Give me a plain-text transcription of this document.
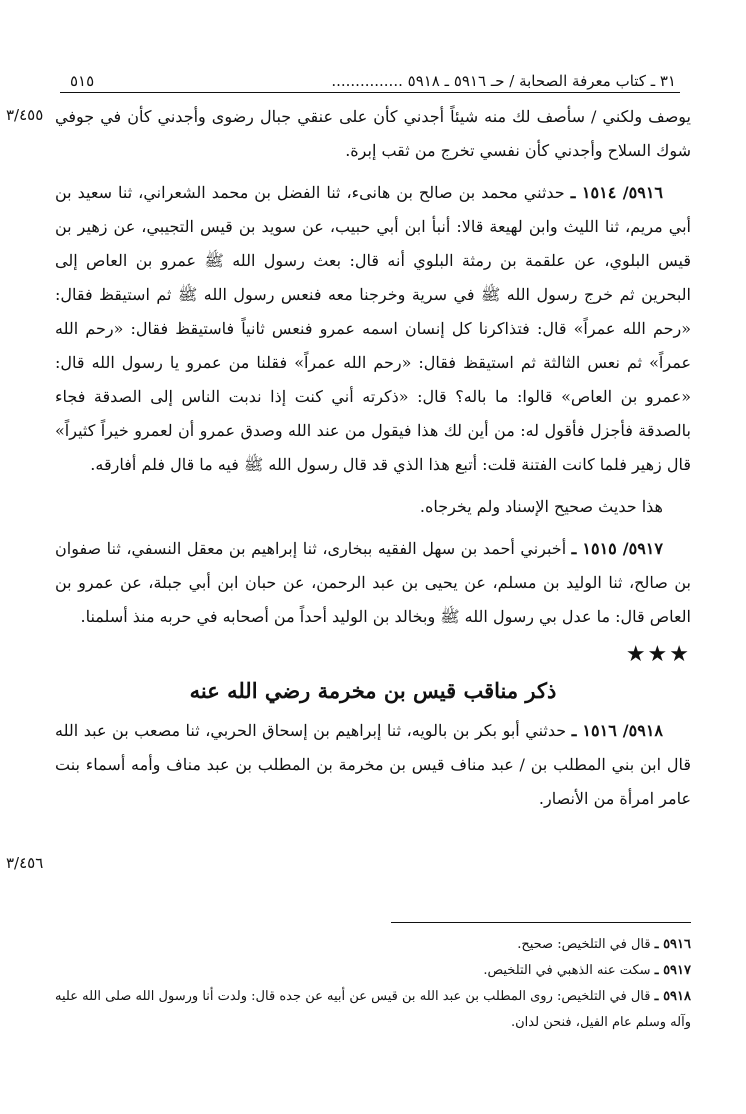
٣١ ـ كتاب معرفة الصحابة / حـ ٥٩١٦ ـ ٥٩١٨ ...............
٥١٥
٣/٤٥٥
٣/٤٥٦

يوصف ولكني / سأصف لك منه شيئاً أجدني كأن على عنقي جبال رضوى وأجدني كأن في جوفي شوك السلاح وأجدني كأن نفسي تخرج من ثقب إبرة.

٥٩١٦/ ١٥١٤ ـ حدثني محمد بن صالح بن هانىء، ثنا الفضل بن محمد الشعراني، ثنا سعيد بن أبي مريم، ثنا الليث وابن لهيعة قالا: أنبأ ابن أبي حبيب، عن سويد بن قيس التجيبي، عن زهير بن قيس البلوي، عن علقمة بن رمثة البلوي أنه قال: بعث رسول الله ﷺ عمرو بن العاص إلى البحرين ثم خرج رسول الله ﷺ في سرية وخرجنا معه فنعس رسول الله ﷺ ثم استيقظ فقال: «رحم الله عمراً» قال: فتذاكرنا كل إنسان اسمه عمرو فنعس ثانياً فاستيقظ فقال: «رحم الله عمراً» ثم نعس الثالثة ثم استيقظ فقال: «رحم الله عمراً» فقلنا من عمرو يا رسول الله قال: «عمرو بن العاص» قالوا: ما باله؟ قال: «ذكرته أني كنت إذا ندبت الناس إلى الصدقة فجاء بالصدقة فأجزل فأقول له: من أين لك هذا فيقول من عند الله وصدق عمرو أن لعمرو خيراً كثيراً» قال زهير فلما كانت الفتنة قلت: أتبع هذا الذي قد قال رسول الله ﷺ فيه ما قال فلم أفارقه.

هذا حديث صحيح الإسناد ولم يخرجاه.

٥٩١٧/ ١٥١٥ ـ أخبرني أحمد بن سهل الفقيه ببخارى، ثنا إبراهيم بن معقل النسفي، ثنا صفوان بن صالح، ثنا الوليد بن مسلم، عن يحيى بن عبد الرحمن، عن حبان ابن أبي جبلة، عن عمرو بن العاص قال: ما عدل بي رسول الله ﷺ وبخالد بن الوليد أحداً من أصحابه في حربه منذ أسلمنا.

★★★
ذكر مناقب قيس بن مخرمة رضي الله عنه

٥٩١٨/ ١٥١٦ ـ حدثني أبو بكر بن بالويه، ثنا إبراهيم بن إسحاق الحربي، ثنا مصعب بن عبد الله قال ابن بني المطلب بن / عبد مناف قيس بن مخرمة بن المطلب بن عبد مناف وأمه أسماء بنت عامر امرأة من الأنصار.

٥٩١٦ ـ قال في التلخيص: صحيح.

٥٩١٧ ـ سكت عنه الذهبي في التلخيص.

٥٩١٨ ـ قال في التلخيص: روى المطلب بن عبد الله بن قيس عن أبيه عن جده قال: ولدت أنا ورسول الله صلى الله عليه وآله وسلم عام الفيل، فنحن لدان.
